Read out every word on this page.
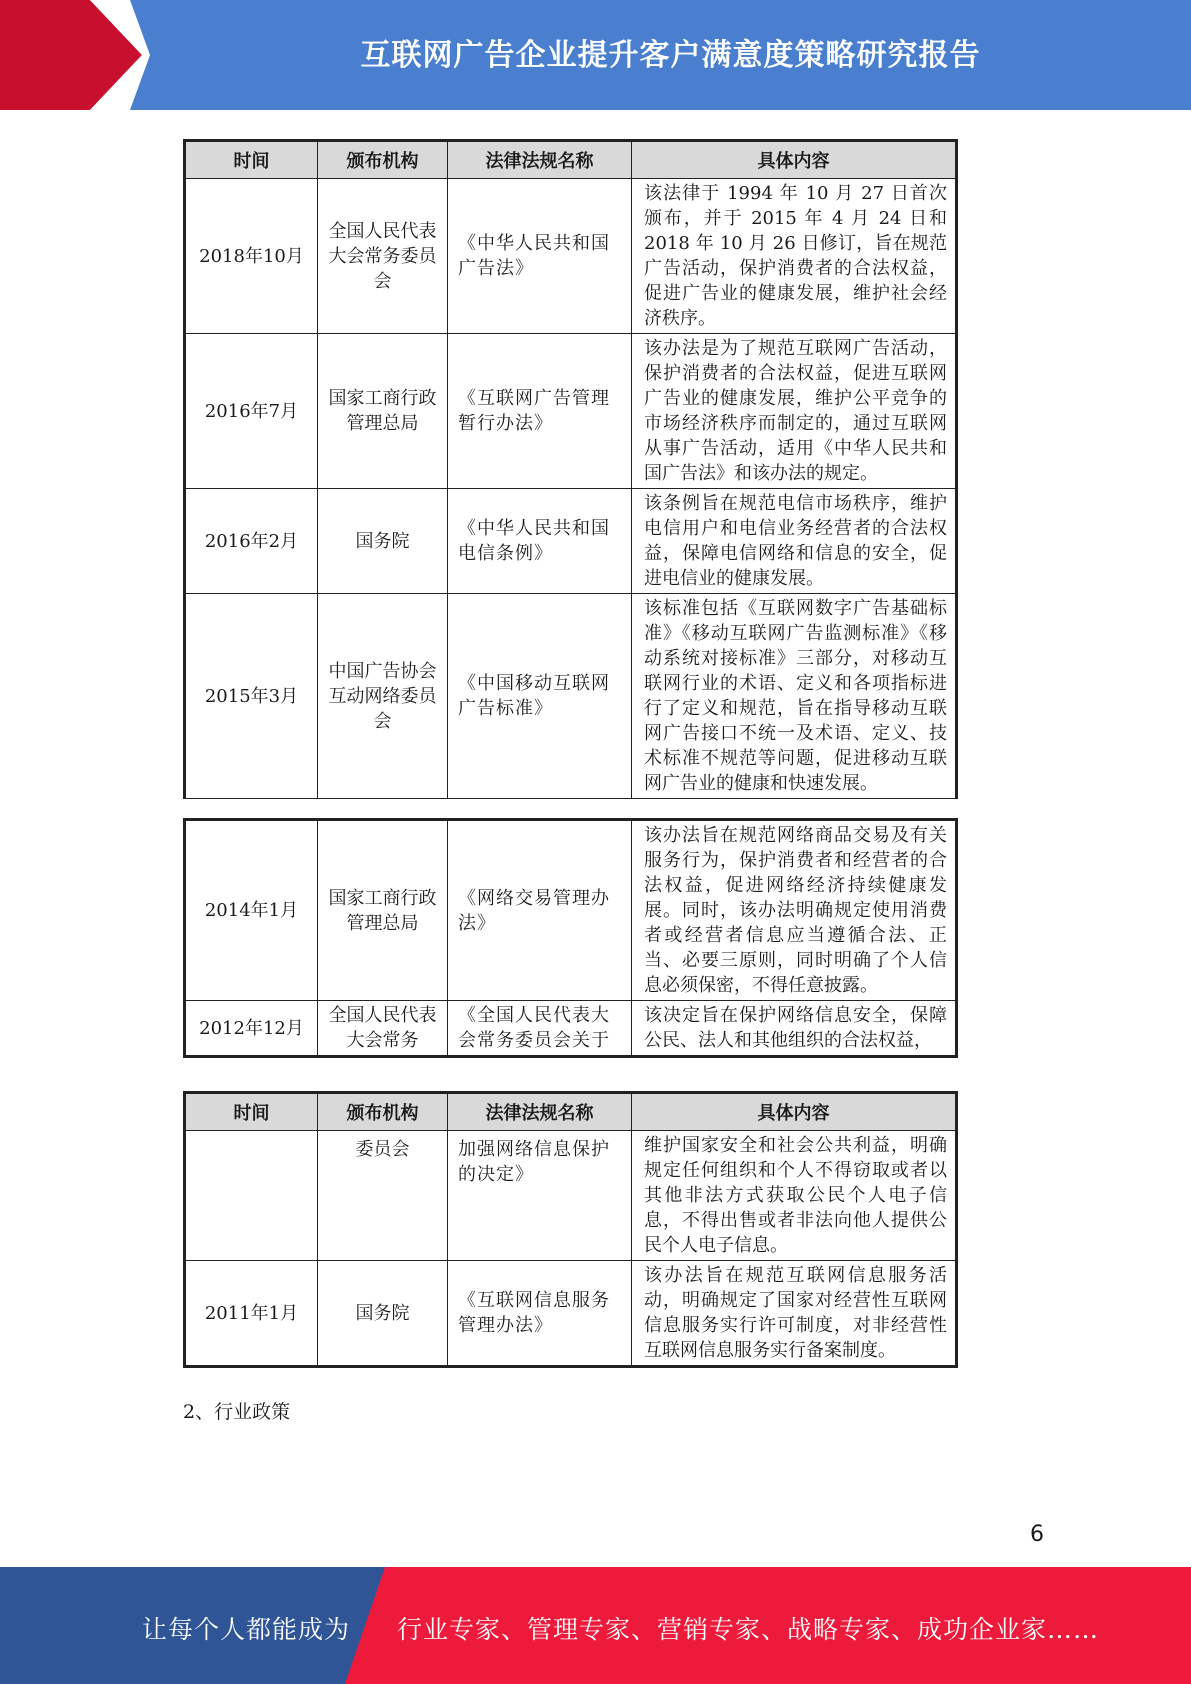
互联网广告企业提升客户满意度策略研究报告
时间	颁布机构	法律法规名称	具体内容
2018年10月	全国人民代表大会常务委员会	《中华人民共和国广告法》	该法律于 1994 年 10 月 27 日首次颁布，并于 2015 年 4 月 24 日和 2018 年 10 月 26 日修订，旨在规范广告活动，保护消费者的合法权益，促进广告业的健康发展，维护社会经济秩序。
2016年7月	国家工商行政管理总局	《互联网广告管理暂行办法》	该办法是为了规范互联网广告活动，保护消费者的合法权益，促进互联网广告业的健康发展，维护公平竞争的市场经济秩序而制定的，通过互联网从事广告活动，适用《中华人民共和国广告法》和该办法的规定。
2016年2月	国务院	《中华人民共和国电信条例》	该条例旨在规范电信市场秩序，维护电信用户和电信业务经营者的合法权益，保障电信网络和信息的安全，促进电信业的健康发展。
2015年3月	中国广告协会互动网络委员会	《中国移动互联网广告标准》	该标准包括《互联网数字广告基础标准》《移动互联网广告监测标准》《移动系统对接标准》三部分，对移动互联网行业的术语、定义和各项指标进行了定义和规范，旨在指导移动互联网广告接口不统一及术语、定义、技术标准不规范等问题，促进移动互联网广告业的健康和快速发展。
2014年1月	国家工商行政管理总局	《网络交易管理办法》	该办法旨在规范网络商品交易及有关服务行为，保护消费者和经营者的合法权益，促进网络经济持续健康发展。同时，该办法明确规定使用消费者或经营者信息应当遵循合法、正当、必要三原则，同时明确了个人信息必须保密，不得任意披露。
2012年12月	全国人民代表大会常务	《全国人民代表大会常务委员会关于	该决定旨在保护网络信息安全，保障公民、法人和其他组织的合法权益，
时间	颁布机构	法律法规名称	具体内容
	委员会	加强网络信息保护的决定》	维护国家安全和社会公共利益，明确规定任何组织和个人不得窃取或者以其他非法方式获取公民个人电子信息，不得出售或者非法向他人提供公民个人电子信息。
2011年1月	国务院	《互联网信息服务管理办法》	该办法旨在规范互联网信息服务活动，明确规定了国家对经营性互联网信息服务实行许可制度，对非经营性互联网信息服务实行备案制度。
2、行业政策
6
让每个人都能成为 行业专家、管理专家、营销专家、战略专家、成功企业家……
